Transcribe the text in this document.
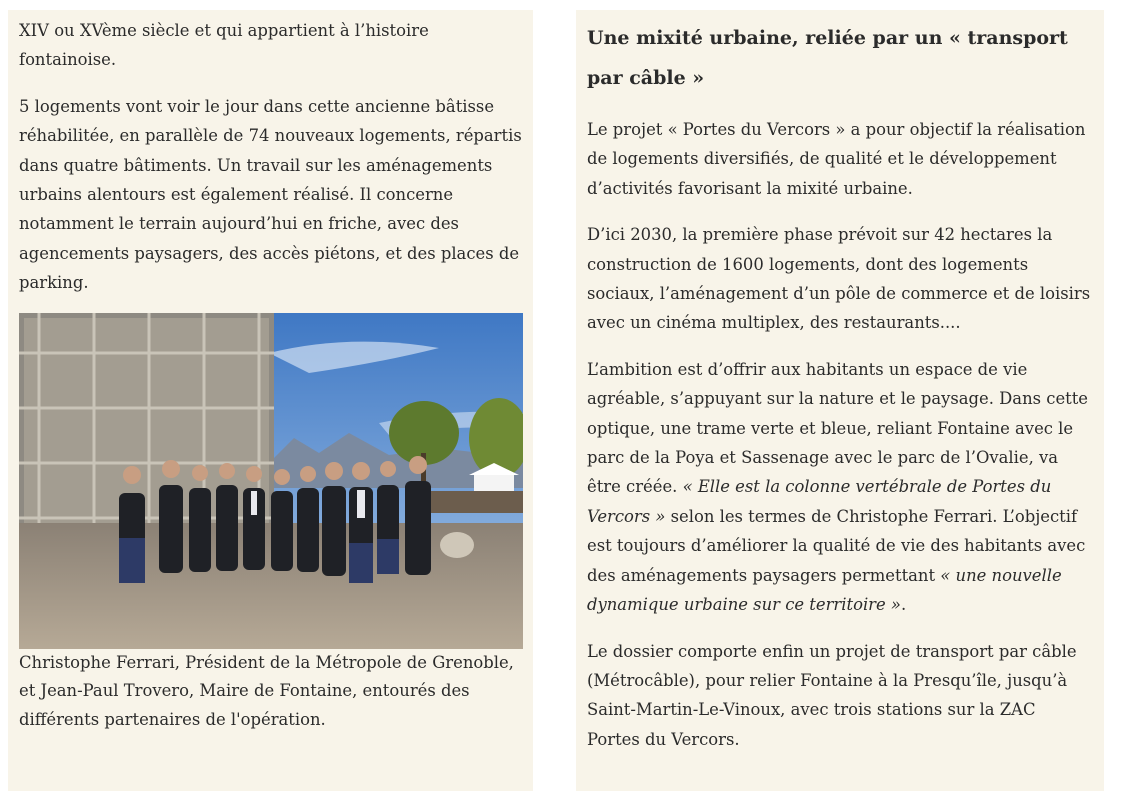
XIV ou XVème siècle et qui appartient à l’histoire fontainoise.

5 logements vont voir le jour dans cette ancienne bâtisse réhabilitée, en parallèle de 74 nouveaux logements, répartis dans quatre bâtiments. Un travail sur les aménagements urbains alentours est également réalisé. Il concerne notamment le terrain aujourd’hui en friche, avec des agencements paysagers, des accès piétons, et des places de parking.

Christophe Ferrari, Président de la Métropole de Grenoble, et Jean-Paul Trovero, Maire de Fontaine, entourés des différents partenaires de l'opération.

Une mixité urbaine, reliée par un « transport par câble »

Le projet « Portes du Vercors » a pour objectif la réalisation de logements diversifiés, de qualité et le développement d’activités favorisant la mixité urbaine.

D’ici 2030, la première phase prévoit sur 42 hectares la construction de 1600 logements, dont des logements sociaux, l’aménagement d’un pôle de commerce et de loisirs avec un cinéma multiplex, des restaurants....

L’ambition est d’offrir aux habitants un espace de vie agréable, s’appuyant sur la nature et le paysage. Dans cette optique, une trame verte et bleue, reliant Fontaine avec le parc de la Poya et Sassenage avec le parc de l’Ovalie, va être créée. « Elle est la colonne vertébrale de Portes du Vercors » selon les termes de Christophe Ferrari. L’objectif est toujours d’améliorer la qualité de vie des habitants avec des aménagements paysagers permettant « une nouvelle dynamique urbaine sur ce territoire ».

Le dossier comporte enfin un projet de transport par câble (Métrocâble), pour relier Fontaine à la Presqu’île, jusqu’à Saint-Martin-Le-Vinoux, avec trois stations sur la ZAC Portes du Vercors.
